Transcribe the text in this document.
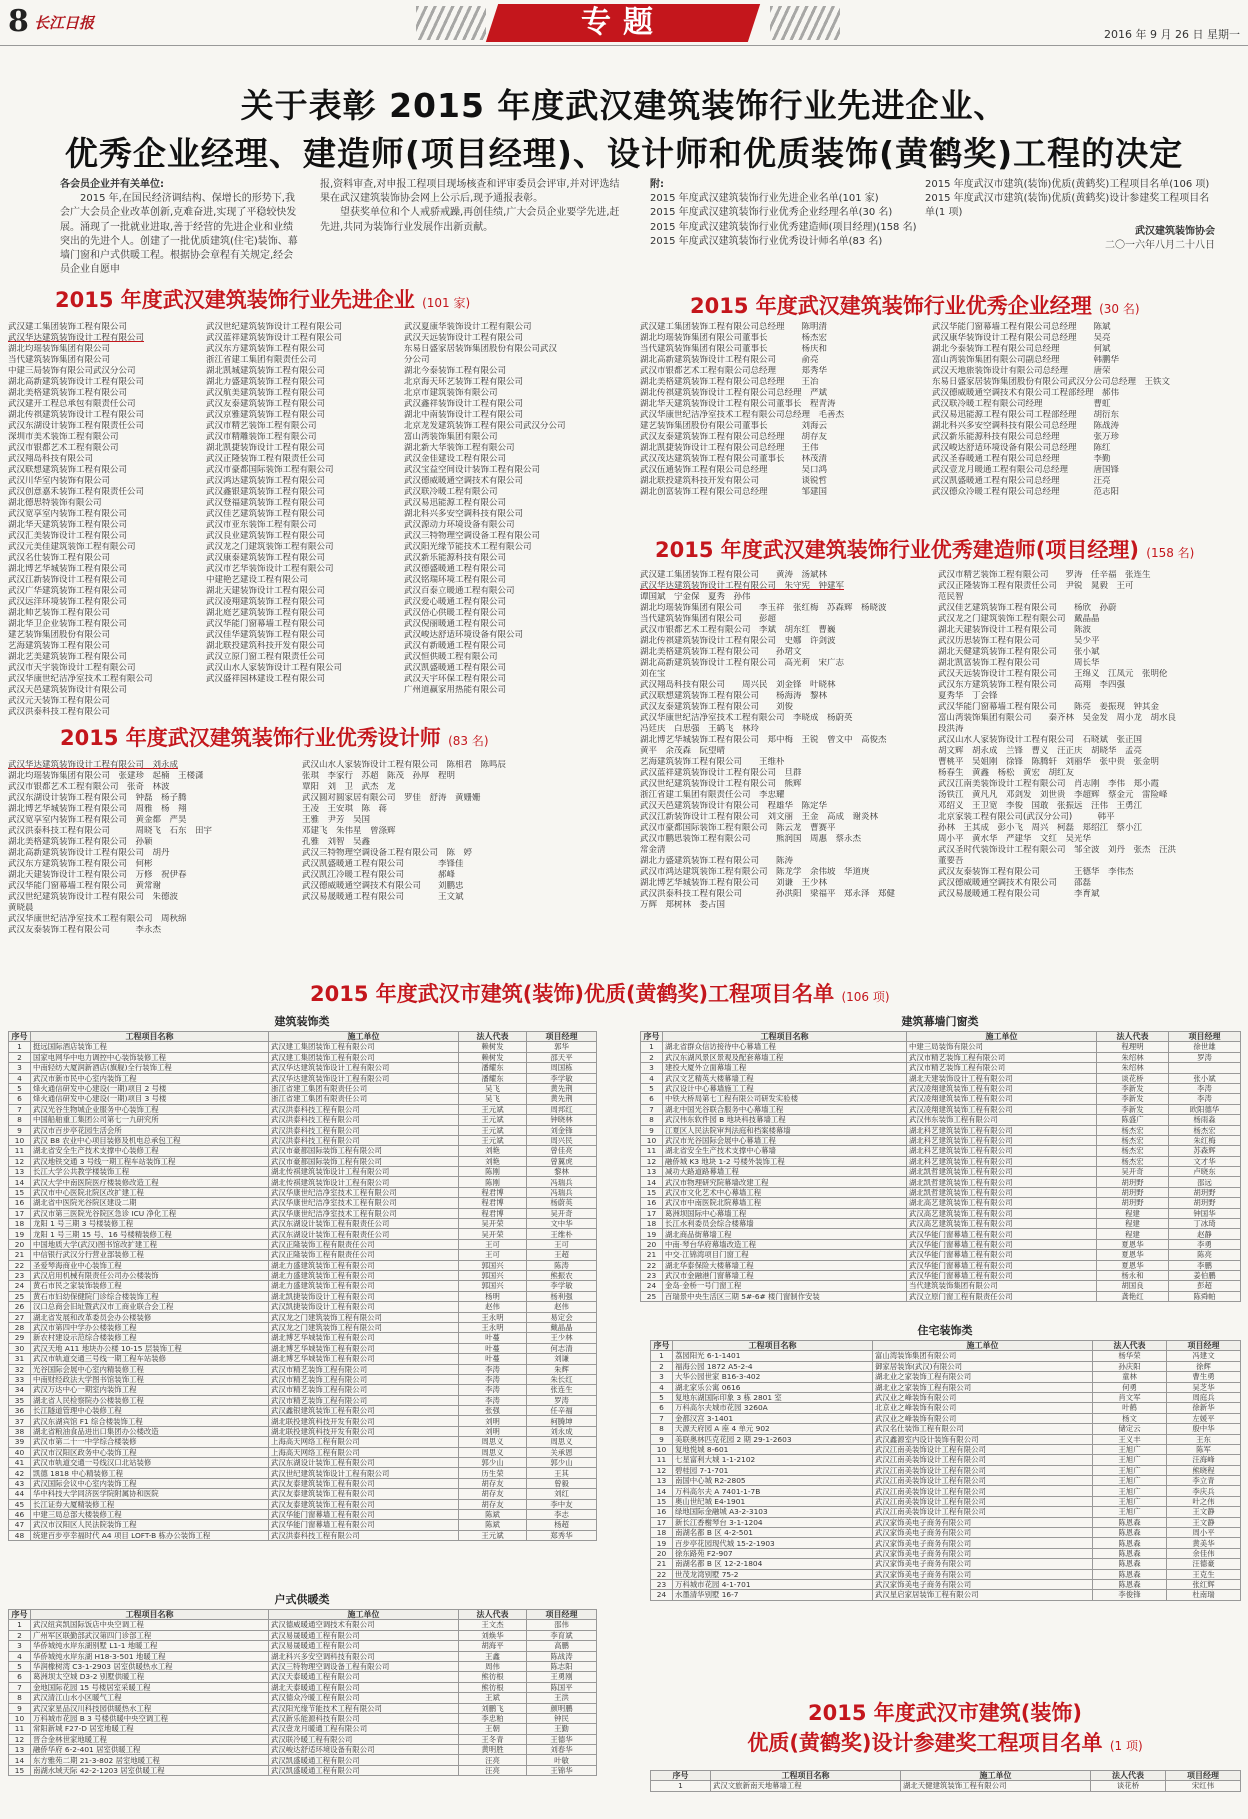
8 长江日报	专题	2016 年 9 月 26 日 星期一
关于表彰 2015 年度武汉建筑装饰行业先进企业、
优秀企业经理、建造师(项目经理)、设计师和优质装饰(黄鹤奖)工程的决定
各会员企业并有关单位:
2015 年,在国民经济调结构、保增长的形势下,我会广大会员企业改革创新,克难奋进,实现了平稳较快发展。涌现了一批就业进取,善于经营的先进企业和业绩突出的先进个人。创建了一批优质建筑(住宅)装饰、幕墙门窗和户式供暖工程。根据协会章程有关规定,经会员企业自愿申
报,资料审查,对申报工程项目现场核查和评审委员会评审,并对评选结果在武汉建筑装饰协会网上公示后,现予通报表彰。
望获奖单位和个人戒骄戒躁,再创佳绩,广大会员企业要学先进,赶先进,共同为装饰行业发展作出新贡献。
附:
2015 年度武汉建筑装饰行业先进企业名单(101 家)
2015 年度武汉建筑装饰行业优秀企业经理名单(30 名)
2015 年度武汉建筑装饰行业优秀建造师(项目经理)(158 名)
2015 年度武汉建筑装饰行业优秀设计师名单(83 名)
2015 年度武汉市建筑(装饰)优质(黄鹤奖)工程项目名单(106 项)
2015 年度武汉市建筑(装饰)优质(黄鹤奖)设计参建奖工程项目名单(1 项)
武汉建筑装饰协会
二〇一六年八月二十八日
2015 年度武汉建筑装饰行业先进企业 (101 家)
武汉建工集团装饰工程有限公司
武汉华达建筑装饰设计工程有限公司
湖北均瑶装饰集团有限公司
当代建筑装饰集团有限公司
中建三局装饰有限公司武汉分公司
湖北高新建筑装饰设计工程有限公司
湖北美格建筑装饰工程有限公司
武汉建开工程总承包有限责任公司
湖北传祺建筑装饰设计工程有限公司
武汉东湖设计装饰工程有限责任公司
深圳市美术装饰工程有限公司
武汉市银都艺术工程有限公司
武汉翔岛科技有限公司
武汉联想建筑装饰工程有限公司
武汉川华室内装饰有限公司
武汉创意嘉禾装饰工程有限责任公司
湖北德思特装饰有限公司
武汉宽享室内装饰工程有限公司
湖北华天建筑装饰工程有限公司
武汉汇美装饰设计工程有限公司
武汉元美佳建筑装饰工程有限公司
武汉名仕装饰工程有限公司
湖北博艺华城装饰工程有限公司
武汉江新装饰设计工程有限公司
武汉广华建筑装饰工程有限公司
武汉远洋环境装饰工程有限公司
湖北帅艺装饰工程有限公司
湖北华卫企业装饰工程有限公司
建艺装饰集团股份有限公司
艺海建筑装饰工程有限公司
湖北艺美建筑装饰工程有限公司
武汉市天宇装饰设计工程有限公司
武汉华康世纪洁净室技术工程有限公司
武汉天邑建筑装饰设计有限公司
武汉元天装饰工程有限公司
武汉洪泰科技工程有限公司
武汉世纪建筑装饰设计工程有限公司
武汉蓝祥建筑装饰设计工程有限公司
武汉东方建筑装饰工程有限公司
浙江省建工集团有限责任公司
湖北凯城建筑装饰工程有限公司
湖北力盛建筑装饰工程有限公司
武汉航美建筑装饰工程有限公司
武汉友泰建筑装饰工程有限公司
武汉京雅建筑装饰工程有限公司
武汉市精艺装饰工程有限公司
武汉市精雕装饰工程有限公司
湖北凯捷装饰设计工程有限公司
武汉正隆装饰工程有限责任公司
武汉市豪都国际装饰工程有限公司
武汉鸿达建筑装饰工程有限公司
武汉鑫银建筑装饰工程有限公司
武汉登福建筑装饰工程有限公司
武汉佳艺建筑装饰工程有限公司
武汉市亚东装饰工程有限公司
武汉良业建筑装饰工程有限公司
武汉龙之门建筑装饰工程有限公司
武汉康泰建筑装饰工程有限公司
武汉市艺华装饰设计工程有限公司
中建艳艺建设工程有限公司
湖北天建装饰设计工程有限公司
武汉凌翔建筑装饰工程有限公司
湖北庭艺建筑装饰工程有限公司
武汉华能门窗幕墙工程有限公司
武汉佳华建筑装饰工程有限公司
湖北联投建筑科技开发有限公司
武汉立原门窗工程有限责任公司
武汉山水人家装饰设计工程有限公司
武汉盛祥园林建设工程有限公司
武汉夏康华装饰设计工程有限公司
武汉天远装饰设计工程有限公司
东易日盛家居装饰集团股份有限公司武汉
分公司
湖北今泰装饰工程有限公司
北京海天环艺装饰工程有限公司
北京市建筑装饰有限公司
武汉鑫祥装饰设计工程有限公司
湖北中南装饰设计工程有限公司
北京龙发建筑装饰工程有限公司武汉分公司
富山湾装饰集团有限公司
湖北新大华装饰工程有限公司
武汉金佳建设工程有限公司
武汉宝益空间设计装饰工程有限公司
武汉德威暖通空调技术有限公司
武汉联冷暖工程有限公司
武汉易迅能源工程有限公司
湖北科兴多安空调科技有限公司
武汉源动力环境设备有限公司
武汉三特物理空调设备工程有限公司
武汉阳光缘节能技术工程有限公司
武汉新乐能源科技有限公司
武汉德盛暖通工程有限公司
武汉铭瑞环境工程有限公司
武汉百泰立暖通工程有限公司
武汉爱心暖通工程有限公司
武汉倍心供暖工程有限公司
武汉倪丽暖通工程有限公司
武汉峻达舒适环境设备有限公司
武汉有新暖通工程有限公司
武汉恒供暖工程有限公司
武汉凯盛暖通工程有限公司
武汉天宇环保工程有限公司
广州道赢家用热能有限公司
2015 年度武汉建筑装饰行业优秀企业经理 (30 名)
武汉建工集团装饰工程有限公司总经理　　陈明清
湖北均瑶装饰集团有限公司董事长　　　　杨杰宏
当代建筑装饰集团有限公司董事长　　　　杨庆和
湖北高新建筑装饰设计工程有限公司　　　俞亮
武汉市银都艺术工程有限公司总经理　　　郑秀华
湖北美格建筑装饰工程有限公司总经理　　王冶
湖北传祺建筑装饰设计工程有限公司总经理　严斌
湖北华天建筑装饰设计工程有限公司董事长　程青涛
武汉华康世纪洁净室技术工程有限公司总经理　毛善杰
建艺装饰集团股份有限公司董事长　　　　刘海云
武汉友泰建筑装饰工程有限公司总经理　　胡存友
湖北凯捷装饰设计工程有限公司总经理　　王伟
武汉茂达建筑装饰工程有限公司董事长　　林茂清
武汉伍通装饰工程有限公司总经理　　　　吴口鸿
湖北联投建筑科技开发有限公司　　　　　谈锐哲
湖北创富装饰工程有限公司总经理　　　　邹建国
武汉华能门窗幕墙工程有限公司总经理　　陈斌
武汉康华装饰设计工程有限公司总经理　　吴亮
湖北今泰装饰工程有限公司总经理　　　　何斌
富山湾装饰集团有限公司副总经理　　　　韩鹏华
武汉天地旅装饰设计有限公司总经理　　　唐荣
东易日盛家居装饰集团股份有限公司武汉分公司总经理　王铁文
武汉德威暖通空调技术有限公司工程部经理　郝伟
武汉联冷暖工程有限公司经理　　　　　　曹虹
武汉易迅能源工程有限公司工程部经理　　胡衍东
湖北科兴多安空调科技有限公司总经理　　陈战涛
武汉新乐能源科技有限公司总经理　　　　张万珍
武汉峻达舒适环境设备有限公司总经理　　陈红
武汉圣春暖通工程有限公司总经理　　　　李勤
武汉壹龙月暖通工程有限公司总经理　　　唐国锋
武汉凯盛暖通工程有限公司总经理　　　　汪亮
武汉德众冷暖工程有限公司总经理　　　　范志阳
2015 年度武汉建筑装饰行业优秀建造师(项目经理) (158 名)
武汉建工集团装饰工程有限公司　　黄涛　汤斌林
武汉华达建筑装饰设计工程有限公司　朱守宪　钟建军
谭国斌　宁金保　夏秀　孙伟
湖北均瑶装饰集团有限公司　　李玉祥　张红梅　苏森辉　杨晓波
当代建筑装饰集团有限公司　　彭超
武汉市银都艺术工程有限公司　李斌　胡东红　曹巍
湖北传祺建筑装饰设计工程有限公司　史娜　许剑波
湖北美格建筑装饰工程有限公司　　孙珺文
湖北高新建筑装饰设计工程有限公司　高光莉　宋广志
刘在宝
武汉翔岛科技有限公司　　周兴民　刘金锋　叶晓林
武汉联想建筑装饰工程有限公司　　杨海涛　黎林
武汉友泰建筑装饰工程有限公司　　刘俊
武汉华康世纪洁净室技术工程有限公司　李晓成　杨蔚英
冯廷庆　白思强　王鹤飞　林玲
湖北博艺华城装饰工程有限公司　郑中梅　王锐　曾文中　高俊杰
黄平　余茂森　阮望晴
艺海建筑装饰工程有限公司　　王维朴
武汉蓝祥建筑装饰设计工程有限公司　旦群
武汉世纪建筑装饰设计工程有限公司　熊辉
浙江省建工集团有限责任公司　李忠耀
武汉天邑建筑装饰设计有限公司　程雄华　陈定华
武汉江新装饰设计工程有限公司　刘文丽　王金　高成　谢炎林
武汉市豪都国际装饰工程有限公司　陈云龙　曹赛平
武汉市鹏思装饰工程有限公司　　　熊润国　周惠　蔡永杰
常金清
湖北力盛建筑装饰工程有限公司　　陈涛
武汉市鸿达建筑装饰工程有限公司　陈龙学　余伟坡　华道庚
湖北博艺华城装饰工程有限公司　　刘谦　王少林
武汉洪泰科技工程有限公司　　　　孙洪阳　梁福平　郑永泽　郑健
万辉　郑树林　娄占国
武汉市精艺装饰工程有限公司　　罗涛　任辛福　张连生
武汉正隆装饰工程有限责任公司　尹锐　晁毅　王可
范民智
武汉佳艺建筑装饰工程有限公司　　杨欣　孙蔚
武汉龙之门建筑装饰工程有限公司　戴晶晶
湖北天建装饰设计工程有限公司　　陈波
武汉历思装饰工程有限公司　　　　吴少平
湖北天健建筑装饰工程有限公司　　张小斌
湖北凯富装饰工程有限公司　　　　周长华
武汉天远装饰设计工程有限公司　　王绵义　江凤元　张明伦
武汉东方建筑装饰工程有限公司　　高翔　李四强
夏秀华　丁会锋
武汉华能门窗幕墙工程有限公司　　陈亮　姜振现　钟其金
富山湾装饰集团有限公司　　秦齐林　吴金发　周小龙　胡水良
段洪涛
武汉山水人家装饰设计工程有限公司　石晓斌　张正国
胡文辉　胡永成　兰锋　曹义　汪正庆　胡晓华　孟亮
曹桃平　吴姐刚　徐锋　陈腾轩　刘丽华　张中贵　张金明
杨春生　黄鑫　杨松　黄宏　胡红友
武汉江南美装饰设计工程有限公司　肖志刚　李伟　郑小霞
汤铁江　黄凡凡　邓剑发　刘世贵　李超辉　蔡金元　雷险峰
邓绍义　王卫宽　李俊　国敢　张振远　汪伟　王勇江
北京家装工程有限公司(武汉分公司)　　　韩平
孙林　王其成　彭小飞　周兴　柯磊　郑绍江　蔡小江
周小平　黄水华　严建华　文红　吴光华
武汉圣时代装饰设计工程有限公司　邹全波　刘丹　张杰　汪洪
董要吾
武汉友泰装饰工程有限公司　　　　王德华　李伟杰
武汉德威暖通空调技术有限公司　　邵磊
武汉易晟暖通工程有限公司　　　　李育斌
2015 年度武汉建筑装饰行业优秀设计师 (83 名)
武汉华达建筑装饰设计工程有限公司　刘永成
湖北均瑶装饰集团有限公司　张建珍　起楠　王楼潇
武汉市银都艺术工程有限公司　张奇　林波
武汉东湖设计装饰工程有限公司　钟磊　杨子腾
湖北博艺华城装饰工程有限公司　周雅　杨　翔
武汉宽享室内装饰工程有限公司　黄金都　严昊
武汉洪泰科技工程有限公司　　　周晓飞　石东　田宇
湖北美格建筑装饰工程有限公司　孙颖
湖北高新建筑装饰设计工程有限公司　胡丹
武汉东方建筑装饰工程有限公司　何彬
湖北天建装饰设计工程有限公司　万修　祝伊春
武汉华能门窗幕墙工程有限公司　黄常谢
武汉世纪建筑装饰设计工程有限公司　朱德波
黄晓晨
武汉华康世纪洁净室技术工程有限公司　周秋绵
武汉友泰装饰工程有限公司　　　李永杰
武汉山水人家装饰设计工程有限公司　陈相君　陈鸣辰
张琪　李家行　苏超　陈茂　孙厚　程明
覃阳　刘　卫　武杰　龙
武汉圆对圆家居有限公司　罗佳　舒涛　黄姗姗
王凌　王安琪　陈　蒋
王雅　尹芳　吴国
邓建飞　朱伟星　曾涤辉
孔雅　刘智　吴鑫
武汉三特物理空调设备工程有限公司　陈　婷
武汉凯盛暖通工程有限公司　　　　李锋佳
武汉凯江冷暖工程有限公司　　　　郝峰
武汉德威暖通空调技术有限公司　　刘鹏忠
武汉易晟暖通工程有限公司　　　　王文斌
2015 年度武汉市建筑(装饰)优质(黄鹤奖)工程项目名单 (106 项)
建筑装饰类
序号	工程项目名称	施工单位	法人代表	项目经理
1	挺远国际酒店装饰工程	武汉建工集团装饰工程有限公司	赖树发	郭华
2	国家电网华中电力调控中心装饰装修工程	武汉建工集团装饰工程有限公司	赖树发	邵天平
3	中南轻纺大厦润新酒店(旗舰)全行装饰工程	武汉华达建筑装饰设计工程有限公司	潘耀东	周国栋
4	武汉市新市民中心室内装饰工程	武汉华达建筑装饰设计工程有限公司	潘耀东	李学敏
5	烽火通信研发中心建设(一期)项目 2 号楼	浙江省建工集团有限责任公司	吴飞	黄先荆
6	烽火通信研发中心建设(一期)项目 3 号楼	浙江省建工集团有限责任公司	吴飞	黄先荆
7	武汉光谷生物城企业服务中心装饰工程	武汉洪泰科技工程有限公司	王元斌	周邦红
8	中国船舶重工集团公司第七一九研究所	武汉洪泰科技工程有限公司	王元斌	钟晓林
9	武汉市百步亭花园生活会所	武汉洪泰科技工程有限公司	王元斌	刘金锋
10	武汉 B8 农业中心项目装修及机电总承包工程	武汉洪泰科技工程有限公司	王元斌	周兴民
11	湖北省安全生产技术支撑中心装修工程	武汉市豪都国际装饰工程有限公司	刘艳	曾佳亮
12	武汉地铁交通 3 号线一期工程车站装饰工程	武汉市豪都国际装饰工程有限公司	刘艳	曾翼虎
13	长江大学公共教学楼装饰工程	湖北传祺建筑装饰设计工程有限公司	陈刚	黎林
14	武汉大学中南医院医疗楼装修改造工程	湖北传祺建筑装饰设计工程有限公司	陈刚	冯瑞兵
15	武汉市中心医院北院区改扩建工程	武汉华康世纪洁净室技术工程有限公司	程君博	冯瑞兵
16	湖北省中医院光谷院区建设二期	武汉华康世纪洁净室技术工程有限公司	程君博	杨蔚英
17	武汉市第三医院光谷院区急诊 ICU 净化工程	武汉华康世纪洁净室技术工程有限公司	程君博	吴开奇
18	龙阳 1 号三期 3 号楼装修工程	武汉东湖设计装饰工程有限责任公司	吴开荣	文中华
19	龙阳 1 号三期 15 号、16 号楼精装修工程	武汉东湖设计装饰工程有限责任公司	吴开荣	王维朴
20	中国地质大学(武汉)图书馆改扩建工程	武汉正隆装饰工程有限责任公司	王可	王可
21	中信银行武汉分行营业部装修工程	武汉正隆装饰工程有限责任公司	王可	王超
22	圣爱琴海商业中心装饰工程	湖北力盛建筑装饰工程有限公司	郭国兴	陈涛
23	武汉启用机械有限责任公司办公楼装饰	湖北力盛建筑装饰工程有限公司	郭国兴	熊振农
24	黄石市民之家装饰装修工程	湖北力盛建筑装饰工程有限公司	郭国兴	李学敏
25	黄石市妇幼保健院门诊综合楼装饰工程	湖北凯捷装饰设计工程有限公司	杨明	杨利强
26	汉口总商会旧址暨武汉市工商业联合会工程	武汉凯捷装饰设计工程有限公司	赵伟	赵伟
27	湖北省发展和改革委员会办公楼装修	武汉龙之门建筑装饰工程有限公司	王永明	易定会
28	武汉市第四中学办公楼装修工程	武汉龙之门建筑装饰工程有限公司	王永明	戴晶晶
29	新农村建设示范综合楼装修工程	湖北博艺华城装饰工程有限公司	叶蔓	王少林
30	武汉天地 A11 地块办公楼 10-15 层装饰工程	湖北博艺华城装饰工程有限公司	叶蔓	何志清
31	武汉市轨道交通三号线一期工程车站装修	湖北博艺华城装饰工程有限公司	叶蔓	刘谦
32	光谷国际会展中心室内精装修工程	武汉市精艺装饰工程有限公司	李涛	朱辉
33	中南财经政法大学图书馆装饰工程	武汉市精艺装饰工程有限公司	李涛	朱长红
34	武汉万达中心一期室内装饰工程	武汉市精艺装饰工程有限公司	李涛	张连生
35	湖北省人民检察院办公楼装修工程	武汉市精艺装饰工程有限公司	李涛	罗涛
36	长江隧道管理中心装修工程	武汉鑫银建筑装饰工程有限公司	张强	任辛福
37	武汉东湖宾馆 F1 综合楼装饰工程	湖北联投建筑科技开发有限公司	刘明	柯腾坤
38	湖北省粮油食品进出口集团办公楼改造	湖北联投建筑科技开发有限公司	刘明	刘永成
39	武汉市第二十一中学综合楼装修	上海高天网络工程有限公司	周思义	周思义
40	武汉市汉阳区政务中心装饰工程	上海高天网络工程有限公司	周思义	关承恩
41	武汉市轨道交通一号线汉口北站装修	武汉东湖设计装饰工程有限公司	郭少山	郭少山
42	凯德 1818 中心精装修工程	武汉世纪建筑装饰设计工程有限公司	历生荣	王其
43	武汉国际会议中心室内装饰工程	武汉友泰建筑装饰工程有限公司	胡存友	曾毅
44	华中科技大学同济医学院附属协和医院	武汉友泰建筑装饰工程有限公司	胡存友	刘红
45	长江证券大厦精装修工程	武汉友泰建筑装饰工程有限公司	胡存友	李中友
46	中建三局总部大楼装修工程	武汉华能门窗幕墙工程有限公司	陈斌	李志
47	武汉市汉阳区人民法院装饰工程	武汉华能门窗幕墙工程有限公司	陈斌	杨超
48	统建百步亭幸福时代 A4 项目 LOFT-B 栋办公装饰工程	武汉洪泰科技工程有限公司	王元斌	郑秀华
建筑幕墙门窗类
序号	工程项目名称	施工单位	法人代表	项目经理
1	湖北省群众信访接待中心幕墙工程	中建三局装饰有限公司	程理明	徐世雄
2	武汉东湖风景区景观及配套幕墙工程	武汉市精艺装饰工程有限公司	朱绍林	罗涛
3	建投大厦外立面幕墙工程	武汉市精艺装饰工程有限公司	朱绍林	
4	武汉文艺精英大楼幕墙工程	湖北天建装饰设计工程有限公司	谈花桥	张小斌
5	武汉设计中心幕墙施工工程	武汉凌翔建筑装饰工程有限公司	李新发	李涛
6	中铁大桥局第七工程有限公司研发实验楼	武汉凌翔建筑装饰工程有限公司	李新发	李涛
7	湖北中国光谷联合服务中心幕墙工程	武汉凌翔建筑装饰工程有限公司	李新发	欧阳德华
8	武汉伟东软件园 B 地块科技幕墙工程	武汉伟东装饰工程有限公司	陈盛广	杨雨淼
9	江夏区人民法院审判法庭和档案楼幕墙	湖北科艺建筑装饰工程有限公司	杨杰宏	杨杰宏
10	武汉市光谷国际会展中心幕墙工程	湖北科艺建筑装饰工程有限公司	杨杰宏	朱红梅
11	湖北省安全生产技术支撑中心幕墙	湖北科艺建筑装饰工程有限公司	杨杰宏	苏森辉
12	融侨城 K3 地块 1-2 号楼外装饰工程	湖北科艺建筑装饰工程有限公司	杨杰宏	文才华
13	减功大路道路幕墙工程	湖北凯哲建筑装饰工程有限公司	吴开奇	卢晓东
14	武汉市物理研究院幕墙改建工程	湖北凯哲建筑装饰工程有限公司	胡玥野	邵远
15	武汉市文化艺术中心幕墙工程	湖北凯哲建筑装饰工程有限公司	胡玥野	胡玥野
16	武汉市中南医院北院幕墙工程	湖北高艺建筑装饰工程有限公司	胡玥野	胡玥野
17	葛洲坝国际中心幕墙工程	武汉高艺建筑装饰工程有限公司	程建	钟国华
18	长江水利委员会综合楼幕墙	武汉高艺建筑装饰工程有限公司	程建	丁冰琦
19	湖北商品街幕墙工程	武汉华能门窗幕墙工程有限公司	程建	赵静
20	中南·琴台华府幕墙改造工程	武汉华能门窗幕墙工程有限公司	夏恩华	李勇
21	中交·江锦湾项目门窗工程	武汉华能门窗幕墙工程有限公司	夏恩华	陈亮
22	湖北华泰保险大楼幕墙工程	武汉华能门窗幕墙工程有限公司	夏恩华	李鹏
23	武汉市金融港门窗幕墙工程	武汉华能门窗幕墙工程有限公司	杨永和	姜伯鹏
24	金岛·金桥一号门窗工程	当代建筑装饰集团有限公司	胡国良	彭超
25	百瑞景中央生活区三期 5#-6# 楼门窗制作安装	武汉立原门窗工程有限责任公司	龚艳红	陈舜帕
住宅装饰类
序号	工程项目名称	施工单位	法人代表	项目经理
1	荔园阳光 6-1-1401	富山湾装饰集团有限公司	杨华荣	冯建文
2	福海公园 1872 A5-2-4	御家居装饰(武汉)有限公司	孙庆阳	徐辉
3	大华公园世家 B16-3-402	湖北业之家装饰工程有限公司	童林	曹生勇
4	湖北家乐公寓 0616	湖北业之家装饰工程有限公司	何勇	吴芝华
5	复地东湖国际印象 3 栋 2801 室	武汉业之峰装饰有限公司	肖文军	周庭兵
6	万科高尔夫城市花园 3260A	北京业之峰装饰有限公司	叶鹤	徐新华
7	金都汉宫 3-1401	武汉业之峰装饰有限公司	杨文	左媛平
8	天源天府园 A 座 4 单元 902	武汉名仕装饰工程有限公司	储定云	殷中华
9	美联奥林匹克花园 2 期 29-1-2603	武汉鑫源室内设计装饰有限公司	王义丰	王东
10	复地悦城 8-601	武汉江南美装饰设计工程有限公司	王旭广	陈军
11	七星富利大城 1-1-2102	武汉江南美装饰设计工程有限公司	王旭广	汪海峰
12	碧桂园 7-1-701	武汉江南美装饰设计工程有限公司	王旭广	熊晓程
13	南国中心城 R2-2805	武汉江南美装饰设计工程有限公司	王旭广	李立青
14	万科高尔夫 A 7401-1-7B	武汉江南美装饰设计工程有限公司	王旭广	李庆兵
15	奥山世纪城 E4-1901	武汉江南美装饰设计工程有限公司	王旭广	叶之伟
16	绿地国际金融城 A3-2-3103	武汉江南美装饰设计工程有限公司	王旭广	王文静
17	新长江香榭琴台 3-1-1204	武汉家饰美电子商务有限公司	陈恩森	王文静
18	南湖名都 B 区 4-2-501	武汉家饰美电子商务有限公司	陈恩森	周小平
19	百步亭花园现代城 15-2-1903	武汉家饰美电子商务有限公司	陈恩森	黄美华
20	徐东路苑 F2-907	武汉家饰美电子商务有限公司	陈恩森	余佳伟
21	南湖名都 B 区 12-2-1804	武汉家饰美电子商务有限公司	陈恩森	汪德豪
22	世茂龙湾别墅 75-2	武汉家饰美电子商务有限公司	陈恩森	王克生
23	万科城市花园 4-1-701	武汉家饰美电子商务有限公司	陈恩森	张红辉
24	水墨清华别墅 16-7	武汉星启家居装饰工程有限公司	李俊锋	杜南瑞
户式供暖类
序号	工程项目名称	施工单位	法人代表	项目经理
1	武汉纽宾凯国际饭店中央空调工程	武汉德威暖通空调技术有限公司	王文杰	邵伟
2	广州军区联勤部武汉第四门诊部工程	武汉易晟暖通工程有限公司	刘焕华	李育斌
3	华侨城纯水岸东湖别墅 L1-1 地暖工程	武汉易晟暖通工程有限公司	胡海平	高鹏
4	华侨城纯水岸东湖 H18-3-501 地暖工程	湖北科兴多安空调科技有限公司	王鑫	陈战涛
5	华润橡树湾 C3-1-2903 居室供暖热水工程	武汉三特物理空调设备工程有限公司	周伟	陈志阳
6	葛洲坝太空城 D3-2 别墅供暖工程	武汉天泰暖通工程有限公司	熊彷根	王勇刚
7	金地国际花园 15 号楼居室采暖工程	湖北天泰暖通工程有限公司	熊彷根	陈国平
8	武汉清江山水小区暖气工程	武汉德众冷暖工程有限公司	王斌	王洪
9	武汉家星品汉川科技园供暖热水工程	武汉阳光缘节能技术工程有限公司	刘鹏飞	颜明鹏
10	万科城市花园 B 3 号楼供暖中央空调工程	武汉新乐能源科技有限公司	李忠粕	钟民
11	常阳新城 F27-D 居室地暖工程	武汉壹龙月暖通工程有限公司	王朝	王勤
12	晋合金林世家地暖工程	武汉联冷暖工程有限公司	王冬青	王德华
13	融侨华府 6-2-401 居室供暖工程	武汉峻达舒适环境设备有限公司	黄明胜	刘春华
14	东方雅苑二期 21-3-802 居室地暖工程	武汉凯盛暖通工程有限公司	汪亮	叶敏
15	南湖水域天际 42-2-1203 居室供暖工程	武汉凯盛暖通工程有限公司	汪亮	王锦华
2015 年度武汉市建筑(装饰)
优质(黄鹤奖)设计参建奖工程项目名单 (1 项)
序号	工程项目名称	施工单位	法人代表	项目经理
1	武汉文旅新南天地幕墙工程	湖北天健建筑装饰工程有限公司	谈花桥	宋红伟
